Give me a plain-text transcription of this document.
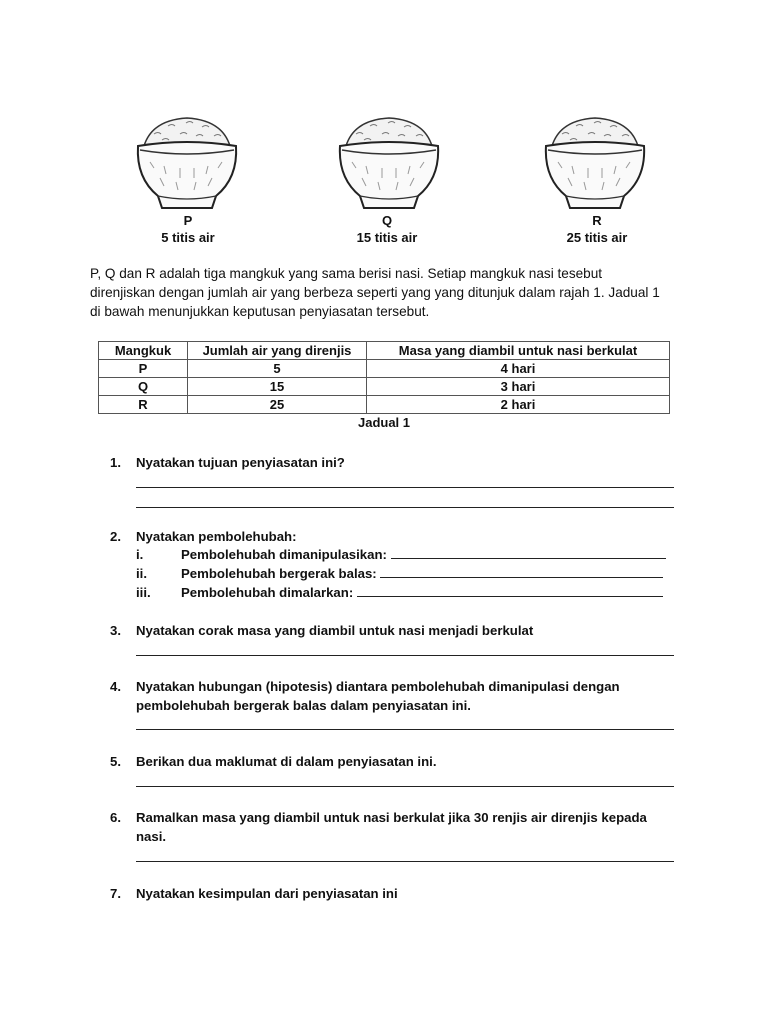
P
5 titis air
Q
15 titis air
R
25 titis air

P, Q dan R adalah tiga mangkuk yang sama berisi nasi. Setiap mangkuk nasi tesebut

direnjiskan dengan jumlah air yang berbeza seperti yang yang ditunjuk dalam rajah 1. Jadual 1

di bawah menunjukkan keputusan penyiasatan tersebut.

Mangkuk	Jumlah air yang direnjis	Masa yang diambil untuk nasi berkulat
P	5	4 hari
Q	15	3 hari
R	25	2 hari
Jadual 1
1. Nyatakan tujuan penyiasatan ini?
2. Nyatakan pembolehubah:
i.	Pembolehubah dimanipulasikan:
ii.	Pembolehubah bergerak balas:
iii. Pembolehubah dimalarkan:
3. Nyatakan corak masa yang diambil untuk nasi menjadi berkulat
4. Nyatakan hubungan (hipotesis) diantara pembolehubah dimanipulasi dengan
pembolehubah bergerak balas dalam penyiasatan ini.
5. Berikan dua maklumat di dalam penyiasatan ini.
6. Ramalkan masa yang diambil untuk nasi berkulat jika 30 renjis air direnjis kepada
nasi.
7. Nyatakan kesimpulan dari penyiasatan ini
